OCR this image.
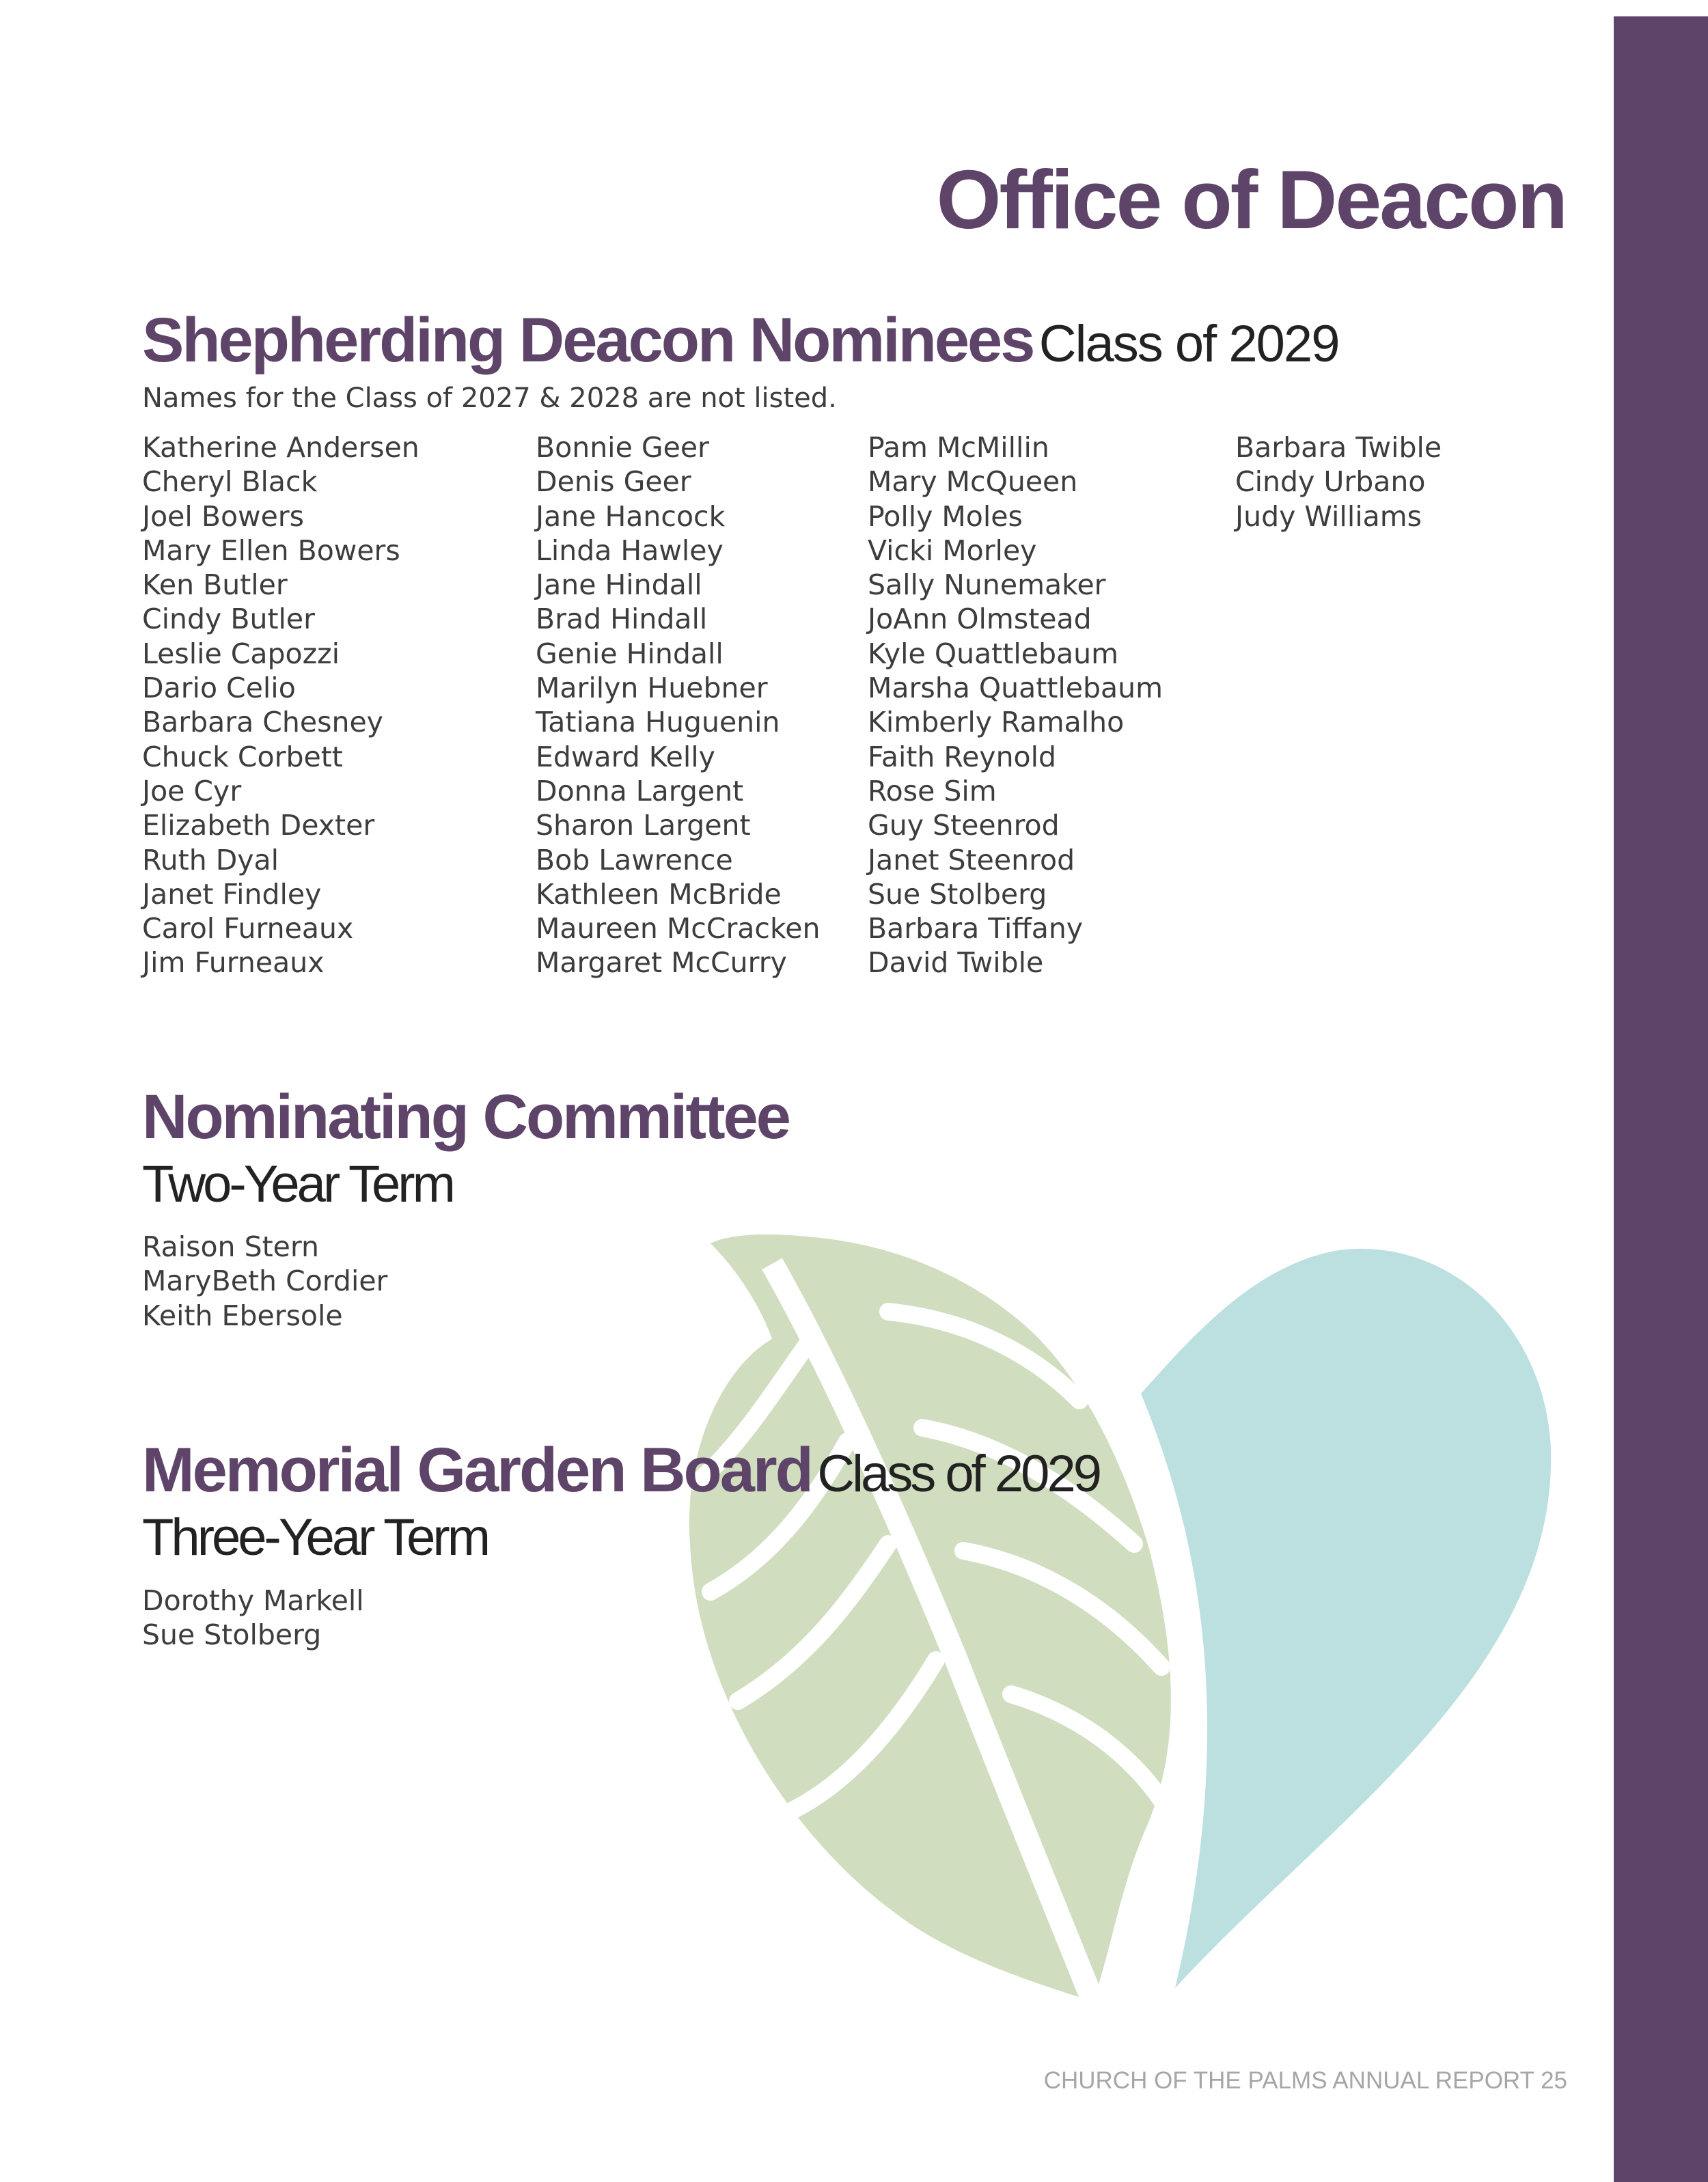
Office of Deacon
Shepherding Deacon Nominees Class of 2029
Names for the Class of 2027 & 2028 are not listed.
Katherine Andersen
Cheryl Black
Joel Bowers
Mary Ellen Bowers
Ken Butler
Cindy Butler
Leslie Capozzi
Dario Celio
Barbara Chesney
Chuck Corbett
Joe Cyr
Elizabeth Dexter
Ruth Dyal
Janet Findley
Carol Furneaux
Jim Furneaux
Bonnie Geer
Denis Geer
Jane Hancock
Linda Hawley
Jane Hindall
Brad Hindall
Genie Hindall
Marilyn Huebner
Tatiana Huguenin
Edward Kelly
Donna Largent
Sharon Largent
Bob Lawrence
Kathleen McBride
Maureen McCracken
Margaret McCurry
Pam McMillin
Mary McQueen
Polly Moles
Vicki Morley
Sally Nunemaker
JoAnn Olmstead
Kyle Quattlebaum
Marsha Quattlebaum
Kimberly Ramalho
Faith Reynold
Rose Sim
Guy Steenrod
Janet Steenrod
Sue Stolberg
Barbara Tiffany
David Twible
Barbara Twible
Cindy Urbano
Judy Williams
Nominating Committee
Two-Year Term
Raison Stern
MaryBeth Cordier
Keith Ebersole
Memorial Garden Board Class of 2029
Three-Year Term
Dorothy Markell
Sue Stolberg
CHURCH OF THE PALMS ANNUAL REPORT 25
